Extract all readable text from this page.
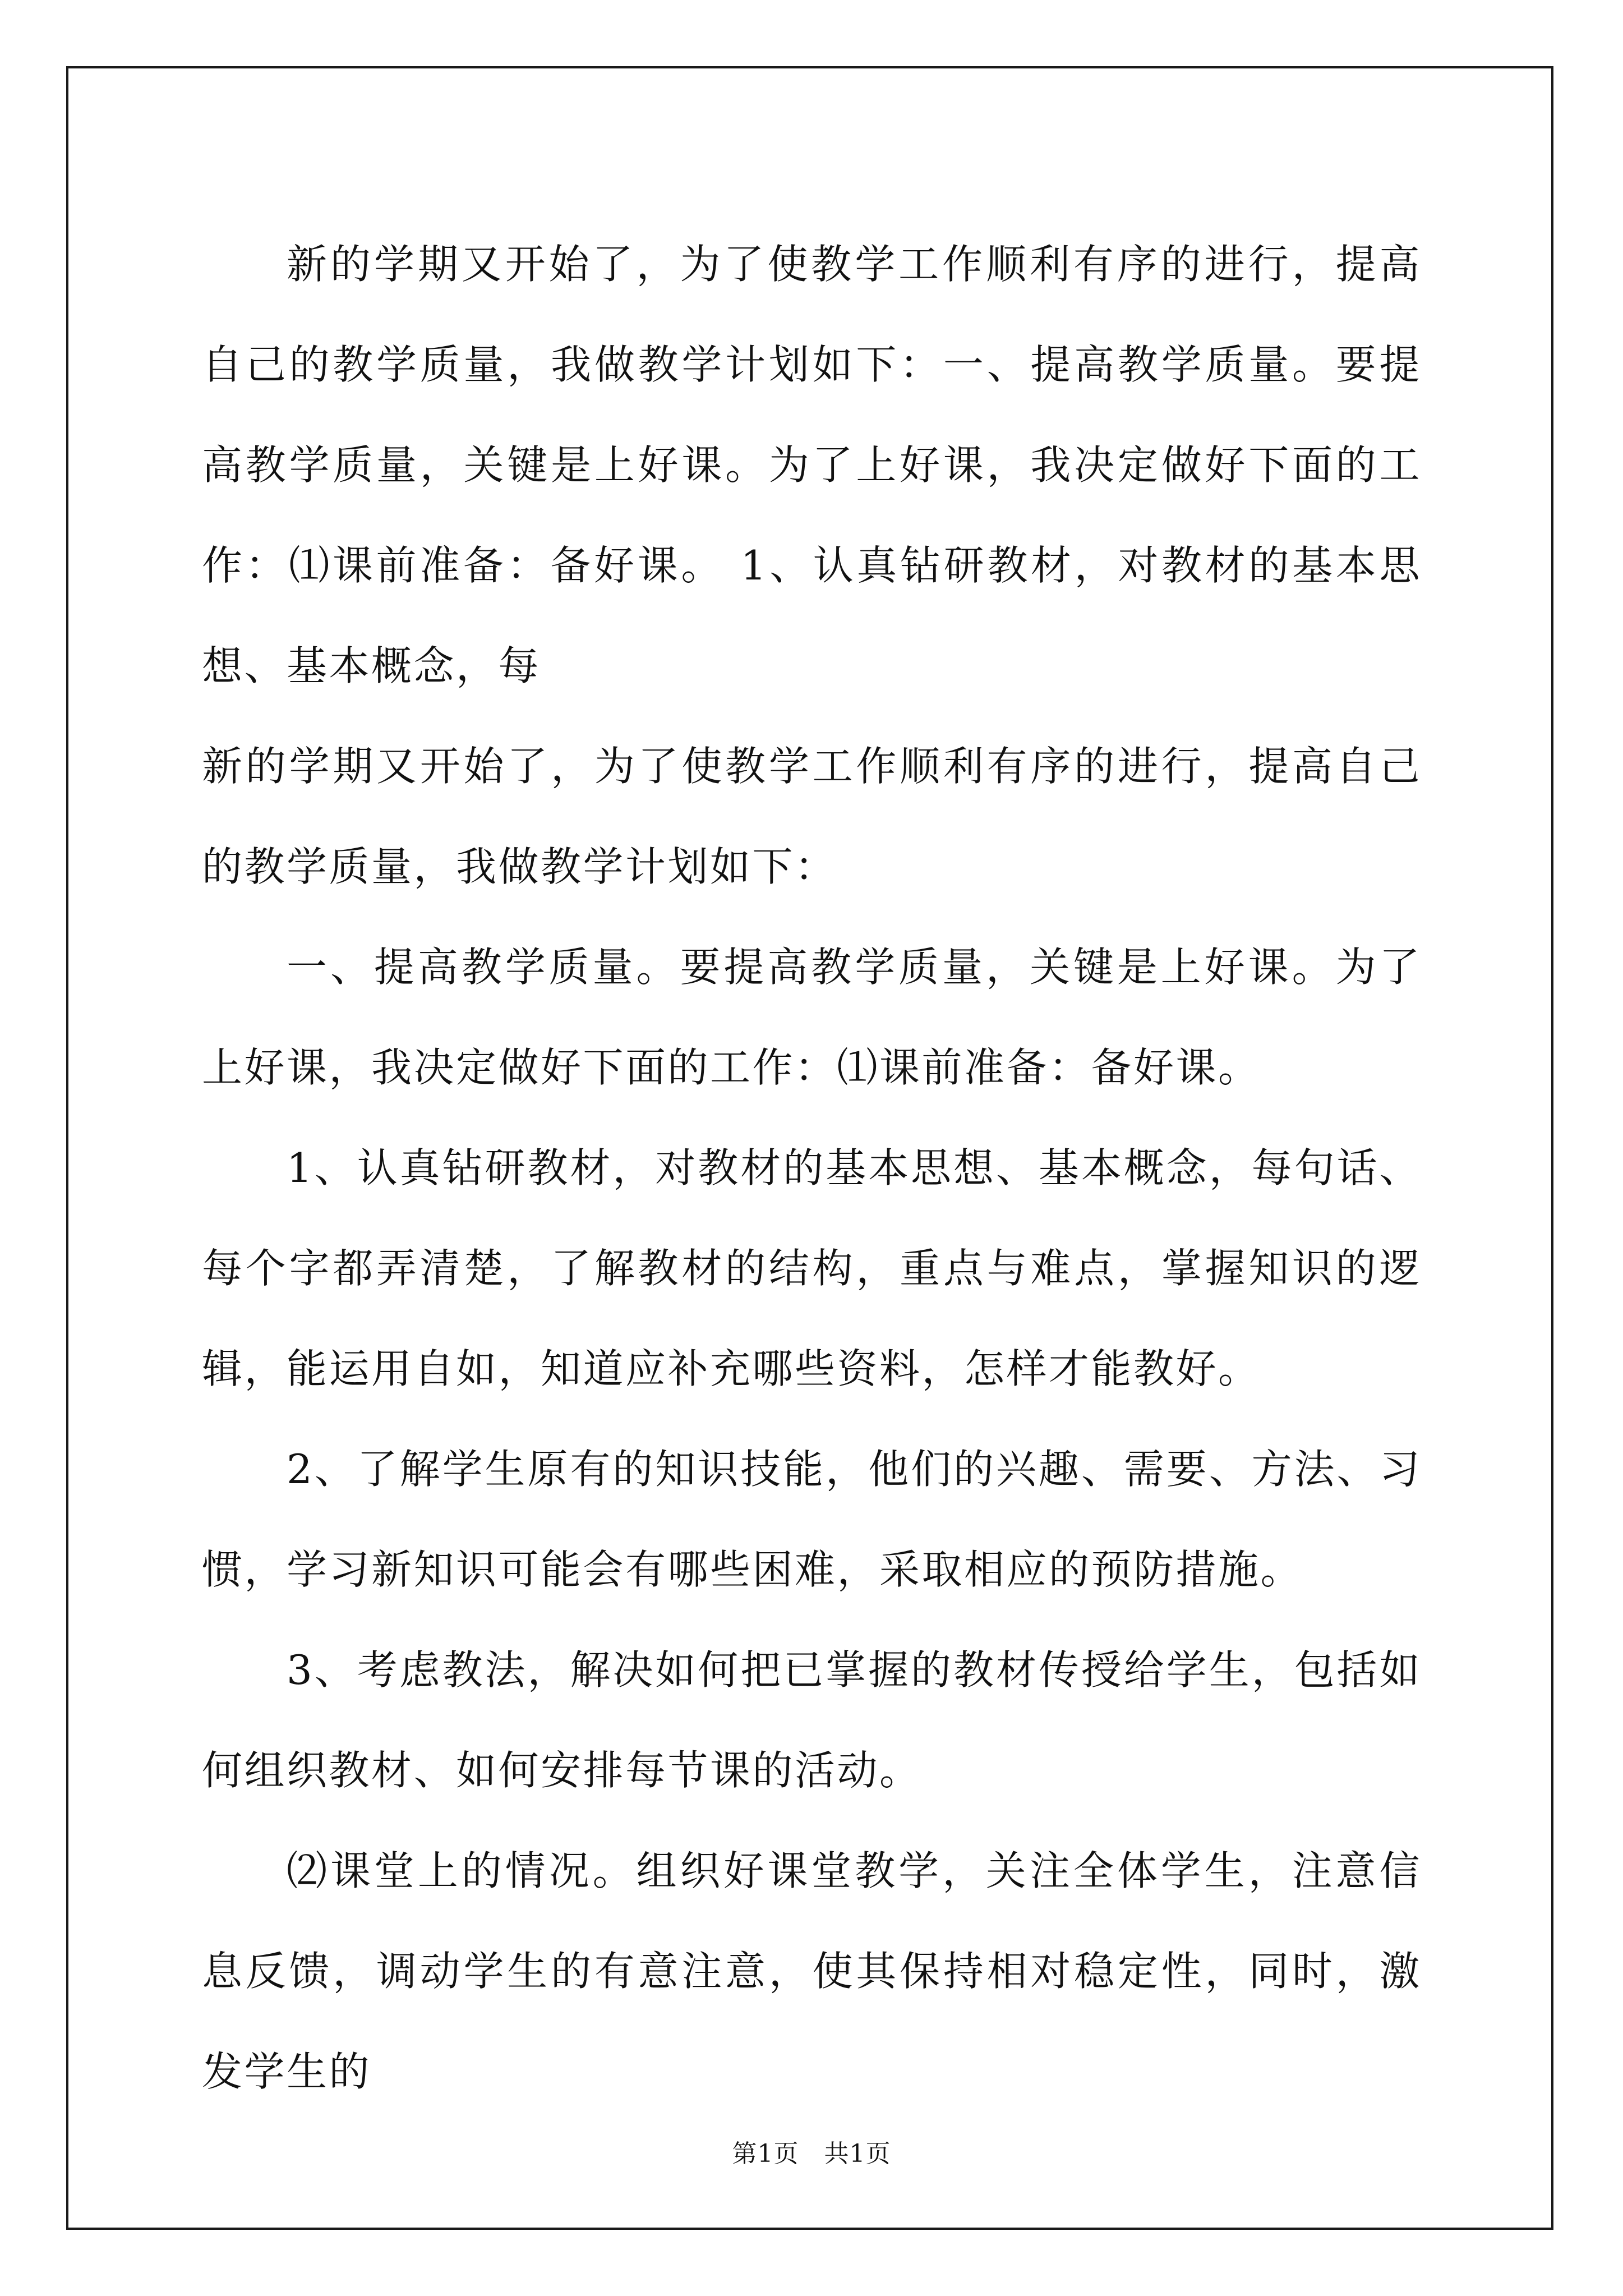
新的学期又开始了，为了使教学工作顺利有序的进行，提高自己的教学质量，我做教学计划如下：一、提高教学质量。要提高教学质量，关键是上好课。为了上好课，我决定做好下面的工作：⑴课前准备：备好课。 1、认真钻研教材，对教材的基本思想、基本概念，每

新的学期又开始了，为了使教学工作顺利有序的进行，提高自己的教学质量，我做教学计划如下：

一、提高教学质量。要提高教学质量，关键是上好课。为了上好课，我决定做好下面的工作：⑴课前准备：备好课。

1、认真钻研教材，对教材的基本思想、基本概念，每句话、每个字都弄清楚，了解教材的结构，重点与难点，掌握知识的逻辑，能运用自如，知道应补充哪些资料，怎样才能教好。

2、了解学生原有的知识技能，他们的兴趣、需要、方法、习惯，学习新知识可能会有哪些困难，采取相应的预防措施。

3、考虑教法，解决如何把已掌握的教材传授给学生，包括如何组织教材、如何安排每节课的活动。

⑵课堂上的情况。组织好课堂教学，关注全体学生，注意信息反馈，调动学生的有意注意，使其保持相对稳定性，同时，激发学生的

第1页　共1页
